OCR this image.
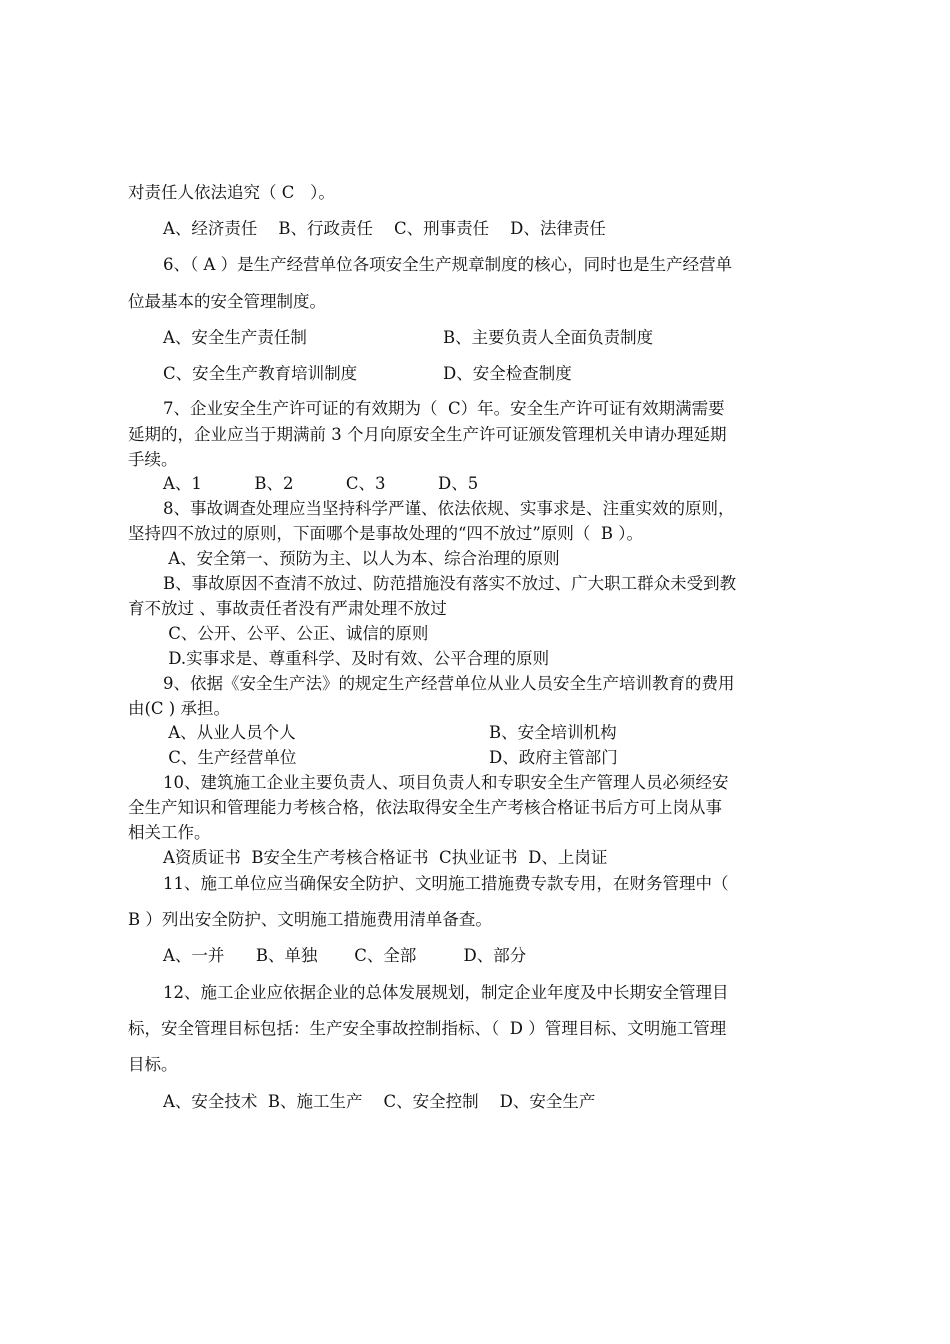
对责任人依法追究（ C   ）。
A、经济责任    B、行政责任    C、刑事责任    D、法律责任
6、（ A ）是生产经营单位各项安全生产规章制度的核心，同时也是生产经营单
位最基本的安全管理制度。
A、安全生产责任制	B、主要负责人全面负责制度
C、安全生产教育培训制度	D、安全检查制度
7、企业安全生产许可证的有效期为（  C）年。安全生产许可证有效期满需要
延期的，企业应当于期满前 3 个月向原安全生产许可证颁发管理机关申请办理延期
手续。
A、1          B、2          C、3          D、5
8、事故调查处理应当坚持科学严谨、依法依规、实事求是、注重实效的原则，
坚持四不放过的原则，下面哪个是事故处理的“四不放过”原则（  B ）。
A、安全第一、预防为主、以人为本、综合治理的原则
B、事故原因不查清不放过、防范措施没有落实不放过、广大职工群众未受到教
育不放过 、事故责任者没有严肃处理不放过
C、公开、公平、公正、诚信的原则
D.实事求是、尊重科学、及时有效、公平合理的原则
9、依据《安全生产法》的规定生产经营单位从业人员安全生产培训教育的费用
由(C ) 承担。
A、从业人员个人	B、安全培训机构
C、生产经营单位	D、政府主管部门
10、建筑施工企业主要负责人、项目负责人和专职安全生产管理人员必须经安
全生产知识和管理能力考核合格，依法取得安全生产考核合格证书后方可上岗从事
相关工作。
A资质证书  B安全生产考核合格证书  C执业证书  D、上岗证
11、施工单位应当确保安全防护、文明施工措施费专款专用，在财务管理中（
B ）列出安全防护、文明施工措施费用清单备查。
A、一并      B、单独       C、全部         D、部分
12、施工企业应依据企业的总体发展规划，制定企业年度及中长期安全管理目
标，安全管理目标包括：生产安全事故控制指标、（  D ）管理目标、文明施工管理
目标。
A、安全技术  B、施工生产    C、安全控制    D、安全生产
